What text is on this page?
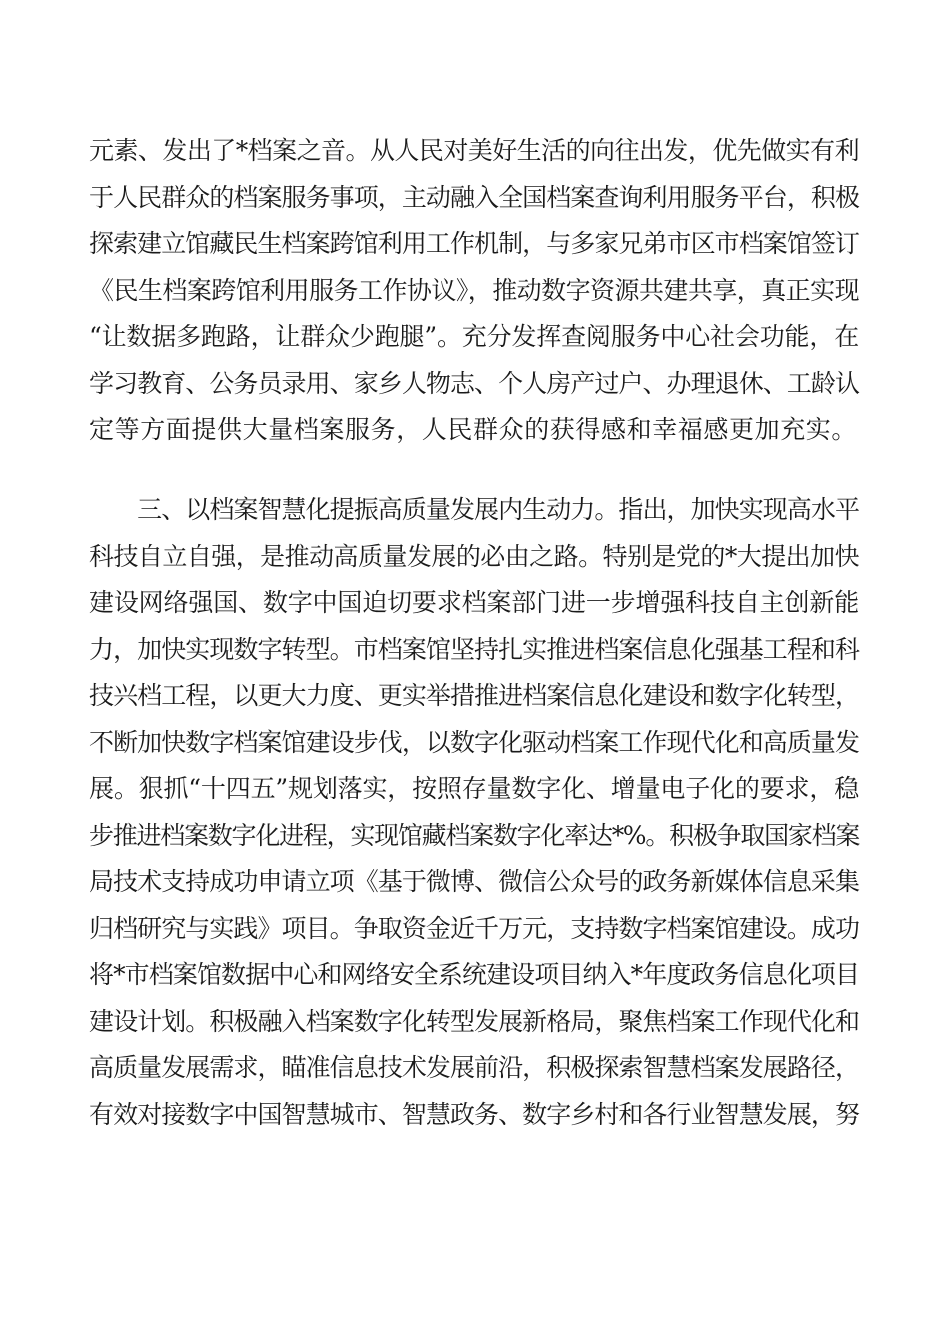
元素、发出了*档案之音。从人民对美好生活的向往出发，优先做实有利
于人民群众的档案服务事项，主动融入全国档案查询利用服务平台，积极
探索建立馆藏民生档案跨馆利用工作机制，与多家兄弟市区市档案馆签订
《民生档案跨馆利用服务工作协议》，推动数字资源共建共享，真正实现
“让数据多跑路，让群众少跑腿”。充分发挥查阅服务中心社会功能，在
学习教育、公务员录用、家乡人物志、个人房产过户、办理退休、工龄认
定等方面提供大量档案服务，人民群众的获得感和幸福感更加充实。
　　三、以档案智慧化提振高质量发展内生动力。指出，加快实现高水平
科技自立自强，是推动高质量发展的必由之路。特别是党的*大提出加快
建设网络强国、数字中国迫切要求档案部门进一步增强科技自主创新能
力，加快实现数字转型。市档案馆坚持扎实推进档案信息化强基工程和科
技兴档工程，以更大力度、更实举措推进档案信息化建设和数字化转型，
不断加快数字档案馆建设步伐，以数字化驱动档案工作现代化和高质量发
展。狠抓“十四五”规划落实，按照存量数字化、增量电子化的要求，稳
步推进档案数字化进程，实现馆藏档案数字化率达*%。积极争取国家档案
局技术支持成功申请立项《基于微博、微信公众号的政务新媒体信息采集
归档研究与实践》项目。争取资金近千万元，支持数字档案馆建设。成功
将*市档案馆数据中心和网络安全系统建设项目纳入*年度政务信息化项目
建设计划。积极融入档案数字化转型发展新格局，聚焦档案工作现代化和
高质量发展需求，瞄准信息技术发展前沿，积极探索智慧档案发展路径，
有效对接数字中国智慧城市、智慧政务、数字乡村和各行业智慧发展，努
